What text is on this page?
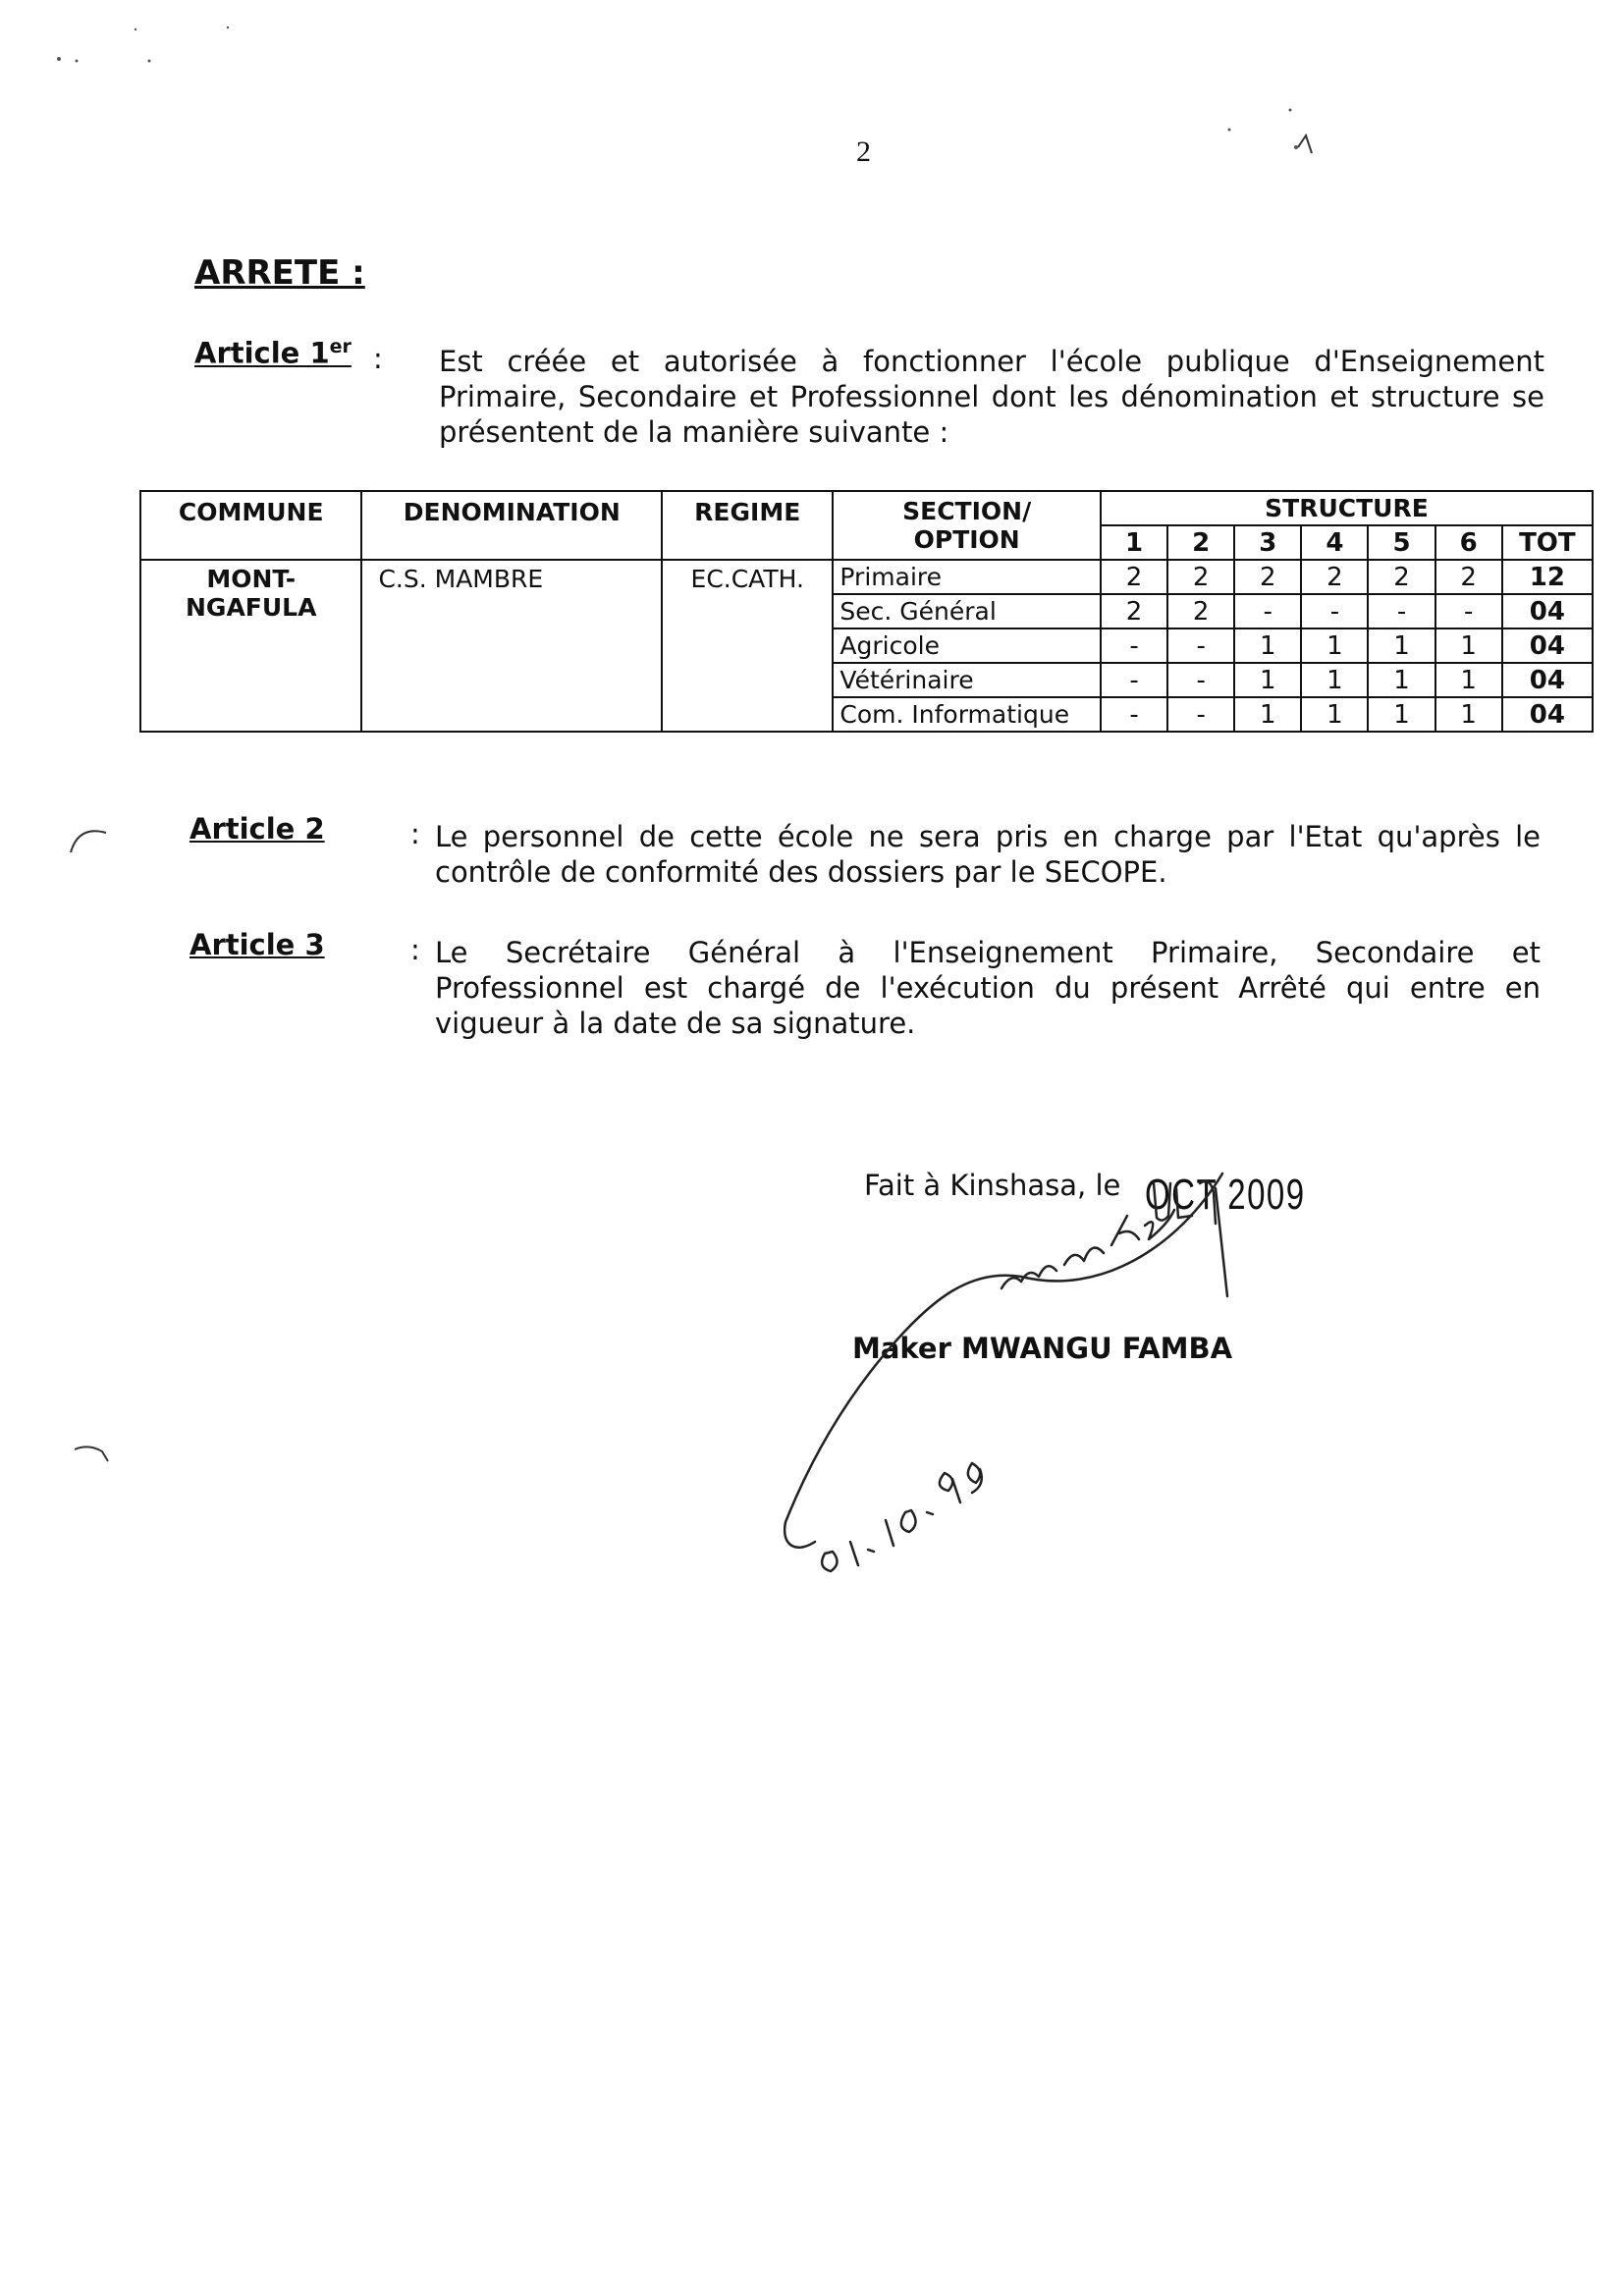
2
ARRETE :
Article 1er : Est créée et autorisée à fonctionner l'école publique d'Enseignement
Primaire, Secondaire et Professionnel dont les dénomination et structure se
présentent de la manière suivante :
COMMUNE	DENOMINATION	REGIME	SECTION/
OPTION	STRUCTURE						
				1	2	3	4	5	6	TOT

MONT-
NGAFULA	C.S. MAMBRE	EC.CATH.	Primaire	2	2	2	2	2	2	12
			Sec. Général	2	2	-	-	-	-	04
			Agricole	-	-	1	1	1	1	04
			Vétérinaire	-	-	1	1	1	1	04
			Com. Informatique	-	-	1	1	1	1	04
Article 2	: Le personnel de cette école ne sera pris en charge par l'Etat qu'après le
contrôle de conformité des dossiers par le SECOPE.
Article 3	: Le Secrétaire Général à l'Enseignement Primaire, Secondaire et
Professionnel est chargé de l'exécution du présent Arrêté qui entre en
vigueur à la date de sa signature.
Fait à Kinshasa, le OCT 2009
Maker MWANGU FAMBA
